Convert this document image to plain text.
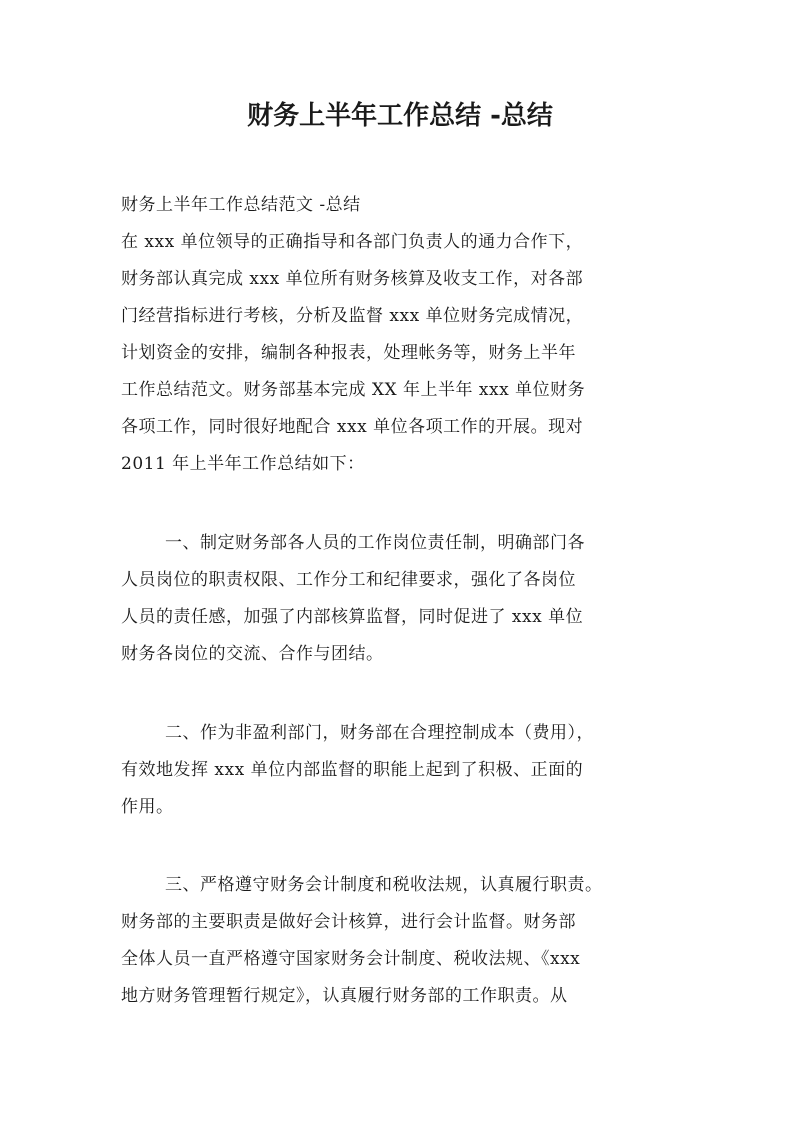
财务上半年工作总结 -总结
财务上半年工作总结范文 -总结
在 xxx 单位领导的正确指导和各部门负责人的通力合作下，
财务部认真完成 xxx 单位所有财务核算及收支工作，对各部
门经营指标进行考核，分析及监督 xxx 单位财务完成情况，
计划资金的安排，编制各种报表，处理帐务等，财务上半年
工作总结范文。财务部基本完成 XX 年上半年 xxx 单位财务
各项工作，同时很好地配合 xxx 单位各项工作的开展。现对
2011 年上半年工作总结如下：
一、制定财务部各人员的工作岗位责任制，明确部门各
人员岗位的职责权限、工作分工和纪律要求，强化了各岗位
人员的责任感，加强了内部核算监督，同时促进了 xxx 单位
财务各岗位的交流、合作与团结。
二、作为非盈利部门，财务部在合理控制成本（费用），
有效地发挥 xxx 单位内部监督的职能上起到了积极、正面的
作用。
三、严格遵守财务会计制度和税收法规，认真履行职责。
财务部的主要职责是做好会计核算，进行会计监督。财务部
全体人员一直严格遵守国家财务会计制度、税收法规、《xxx
地方财务管理暂行规定》，认真履行财务部的工作职责。从
